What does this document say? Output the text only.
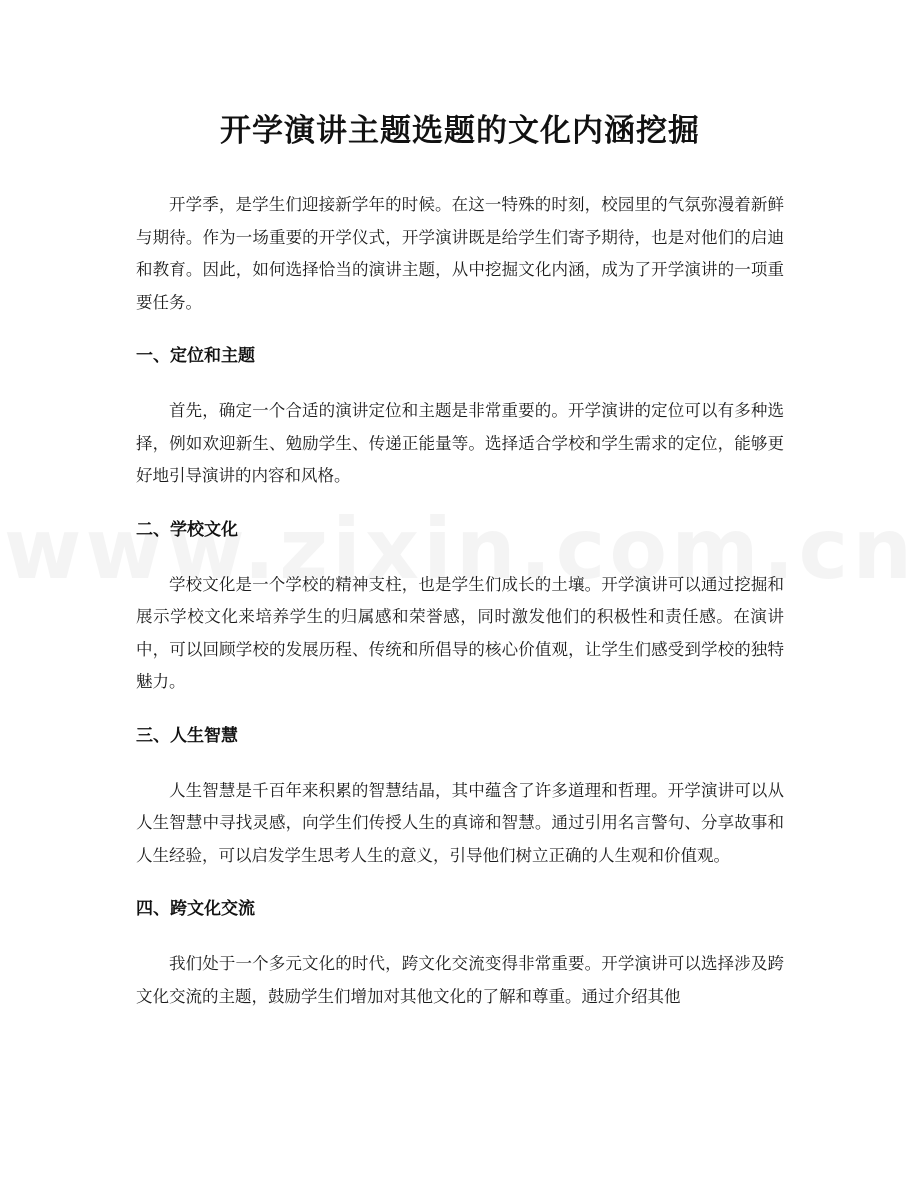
开学演讲主题选题的文化内涵挖掘

开学季，是学生们迎接新学年的时候。在这一特殊的时刻，校园里的气氛弥漫着新鲜与期待。作为一场重要的开学仪式，开学演讲既是给学生们寄予期待，也是对他们的启迪和教育。因此，如何选择恰当的演讲主题，从中挖掘文化内涵，成为了开学演讲的一项重要任务。

一、定位和主题

首先，确定一个合适的演讲定位和主题是非常重要的。开学演讲的定位可以有多种选择，例如欢迎新生、勉励学生、传递正能量等。选择适合学校和学生需求的定位，能够更好地引导演讲的内容和风格。

二、学校文化

学校文化是一个学校的精神支柱，也是学生们成长的土壤。开学演讲可以通过挖掘和展示学校文化来培养学生的归属感和荣誉感，同时激发他们的积极性和责任感。在演讲中，可以回顾学校的发展历程、传统和所倡导的核心价值观，让学生们感受到学校的独特魅力。

三、人生智慧

人生智慧是千百年来积累的智慧结晶，其中蕴含了许多道理和哲理。开学演讲可以从人生智慧中寻找灵感，向学生们传授人生的真谛和智慧。通过引用名言警句、分享故事和人生经验，可以启发学生思考人生的意义，引导他们树立正确的人生观和价值观。

四、跨文化交流

我们处于一个多元文化的时代，跨文化交流变得非常重要。开学演讲可以选择涉及跨文化交流的主题，鼓励学生们增加对其他文化的了解和尊重。通过介绍其他
